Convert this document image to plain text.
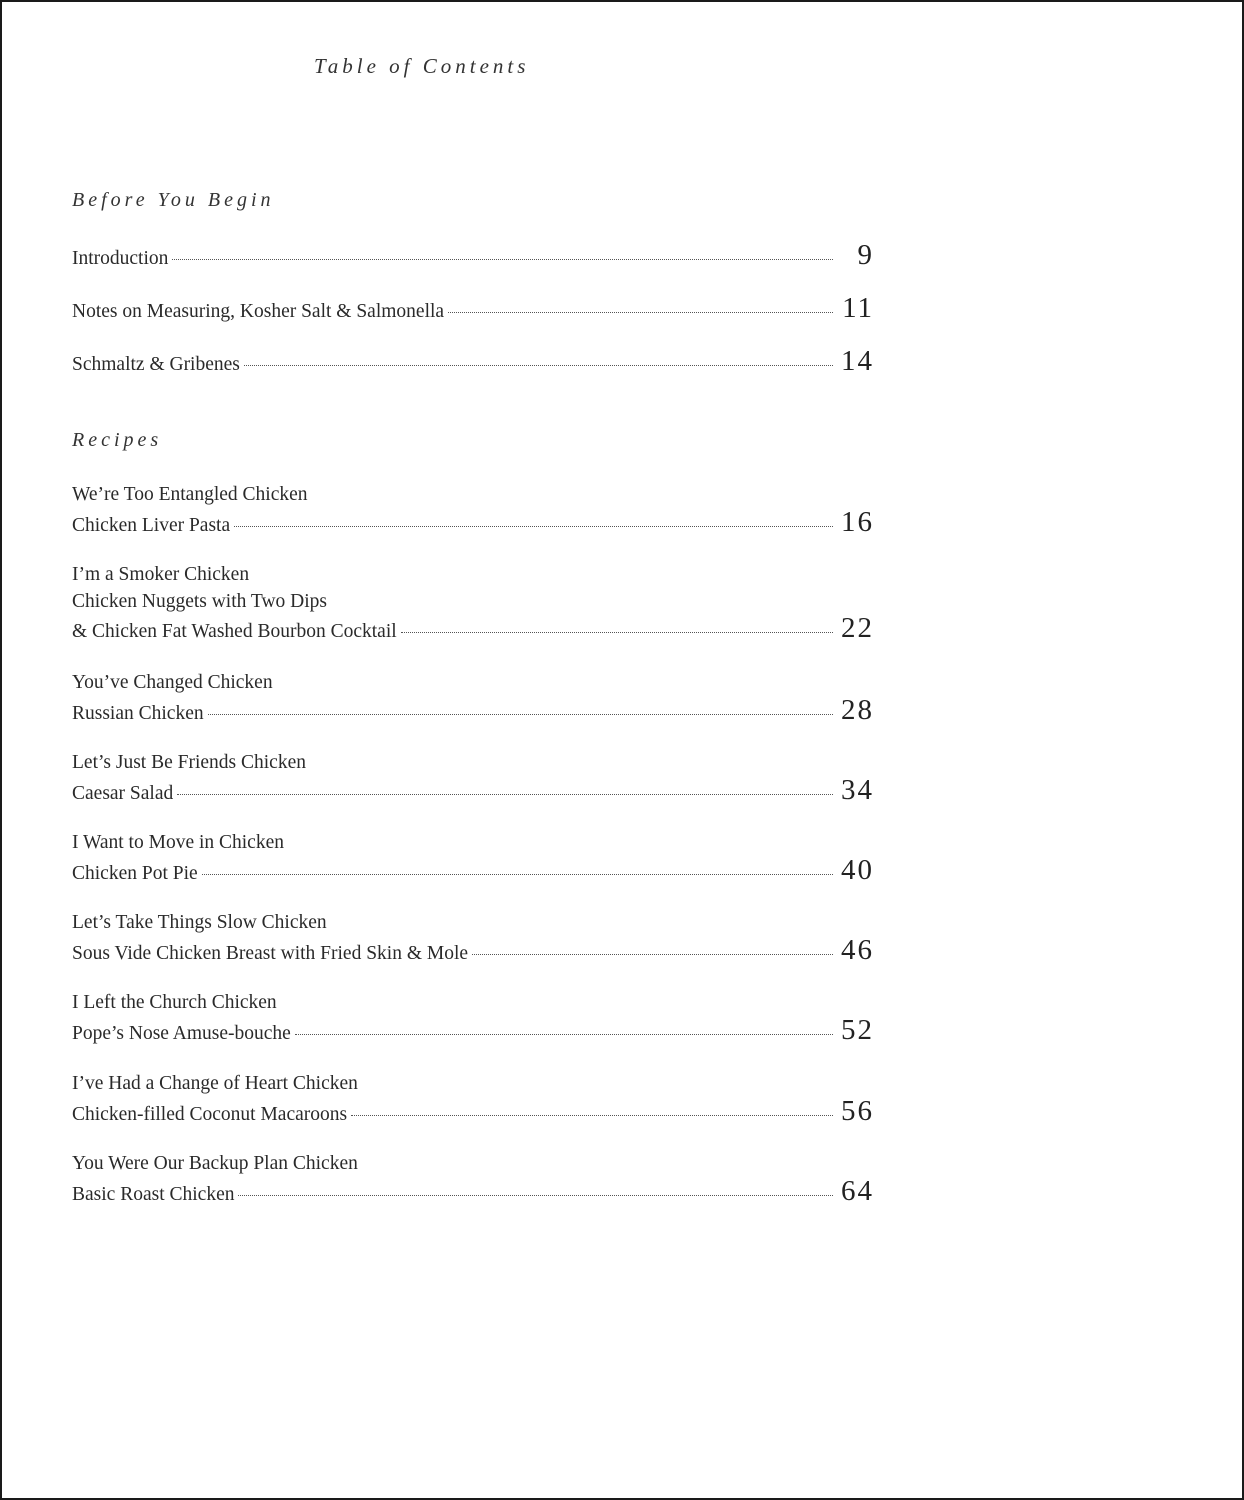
Table of Contents
Before You Begin
Introduction	9
Notes on Measuring, Kosher Salt & Salmonella	11
Schmaltz & Gribenes	14
Recipes
We’re Too Entangled Chicken
Chicken Liver Pasta	16
I’m a Smoker Chicken
Chicken Nuggets with Two Dips
& Chicken Fat Washed Bourbon Cocktail	22
You’ve Changed Chicken
Russian Chicken	28
Let’s Just Be Friends Chicken
Caesar Salad	34
I Want to Move in Chicken
Chicken Pot Pie	40
Let’s Take Things Slow Chicken
Sous Vide Chicken Breast with Fried Skin & Mole	46
I Left the Church Chicken
Pope’s Nose Amuse-bouche	52
I’ve Had a Change of Heart Chicken
Chicken-filled Coconut Macaroons	56
You Were Our Backup Plan Chicken
Basic Roast Chicken	64
